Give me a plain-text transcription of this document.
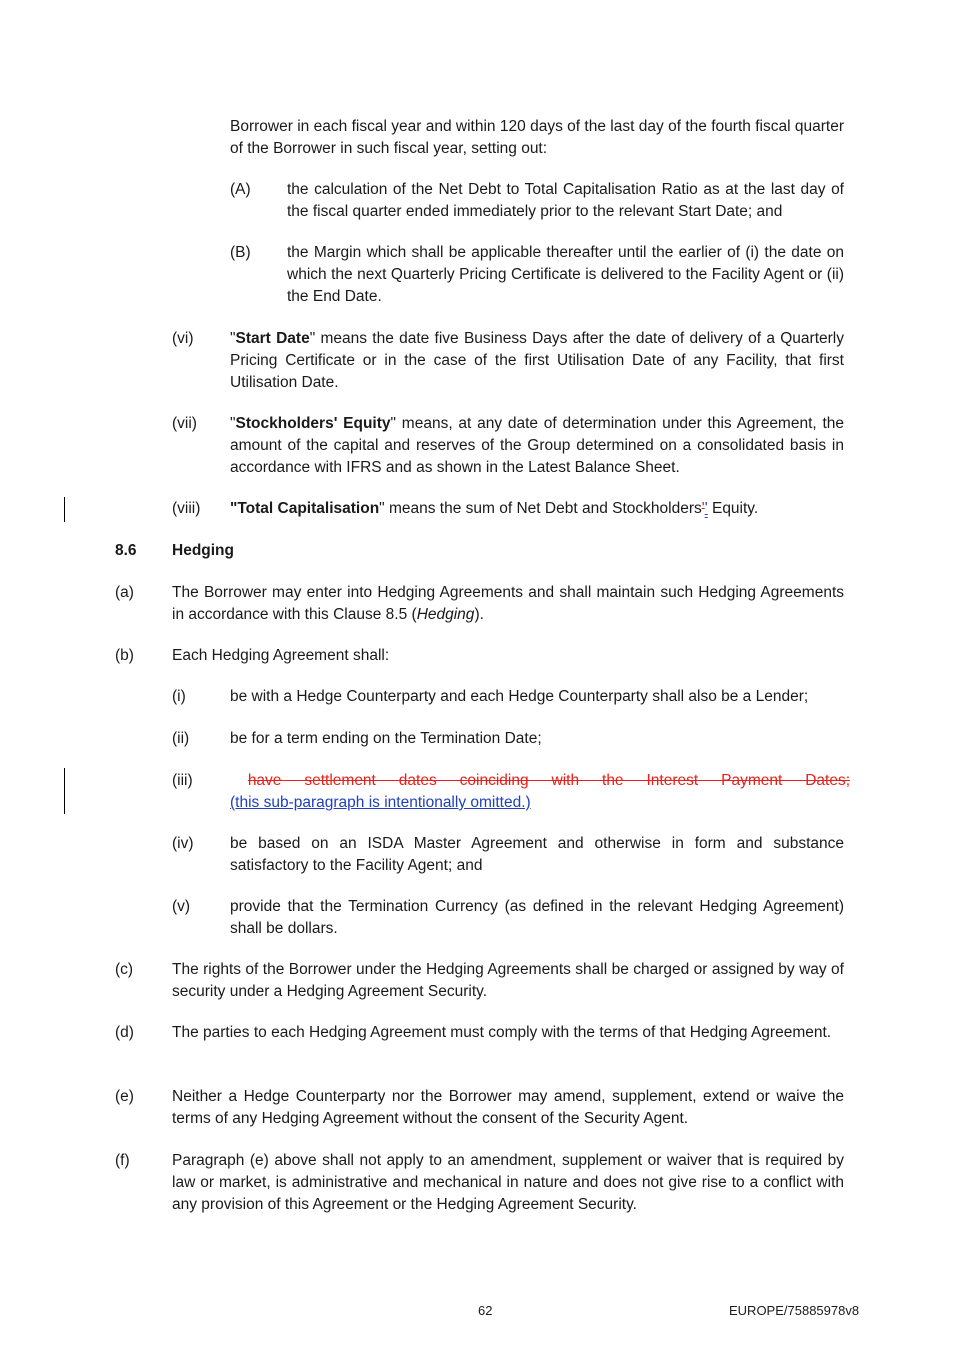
Borrower in each fiscal year and within 120 days of the last day of the fourth fiscal quarter of the Borrower in such fiscal year, setting out:
(A) the calculation of the Net Debt to Total Capitalisation Ratio as at the last day of the fiscal quarter ended immediately prior to the relevant Start Date; and
(B) the Margin which shall be applicable thereafter until the earlier of (i) the date on which the next Quarterly Pricing Certificate is delivered to the Facility Agent or (ii) the End Date.
(vi) "Start Date" means the date five Business Days after the date of delivery of a Quarterly Pricing Certificate or in the case of the first Utilisation Date of any Facility, that first Utilisation Date.
(vii) "Stockholders' Equity" means, at any date of determination under this Agreement, the amount of the capital and reserves of the Group determined on a consolidated basis in accordance with IFRS and as shown in the Latest Balance Sheet.
(viii) "Total Capitalisation" means the sum of Net Debt and Stockholders'' Equity.
8.6 Hedging
(a) The Borrower may enter into Hedging Agreements and shall maintain such Hedging Agreements in accordance with this Clause 8.5 (Hedging).
(b) Each Hedging Agreement shall:
(i)	be with a Hedge Counterparty and each Hedge Counterparty shall also be a Lender;
(ii)	be for a term ending on the Termination Date;
(iii)	have settlement dates coinciding with the Interest Payment Dates;(this sub-paragraph is intentionally omitted.)
(iv) be based on an ISDA Master Agreement and otherwise in form and substance satisfactory to the Facility Agent; and
(v)	provide that the Termination Currency (as defined in the relevant Hedging Agreement) shall be dollars.
(c)	The rights of the Borrower under the Hedging Agreements shall be charged or assigned by way of security under a Hedging Agreement Security.
(d) The parties to each Hedging Agreement must comply with the terms of that Hedging Agreement.
(e) Neither a Hedge Counterparty nor the Borrower may amend, supplement, extend or waive the terms of any Hedging Agreement without the consent of the Security Agent.
(f)	Paragraph (e) above shall not apply to an amendment, supplement or waiver that is required by law or market, is administrative and mechanical in nature and does not give rise to a conflict with any provision of this Agreement or the Hedging Agreement Security.
62	EUROPE/75885978v8
